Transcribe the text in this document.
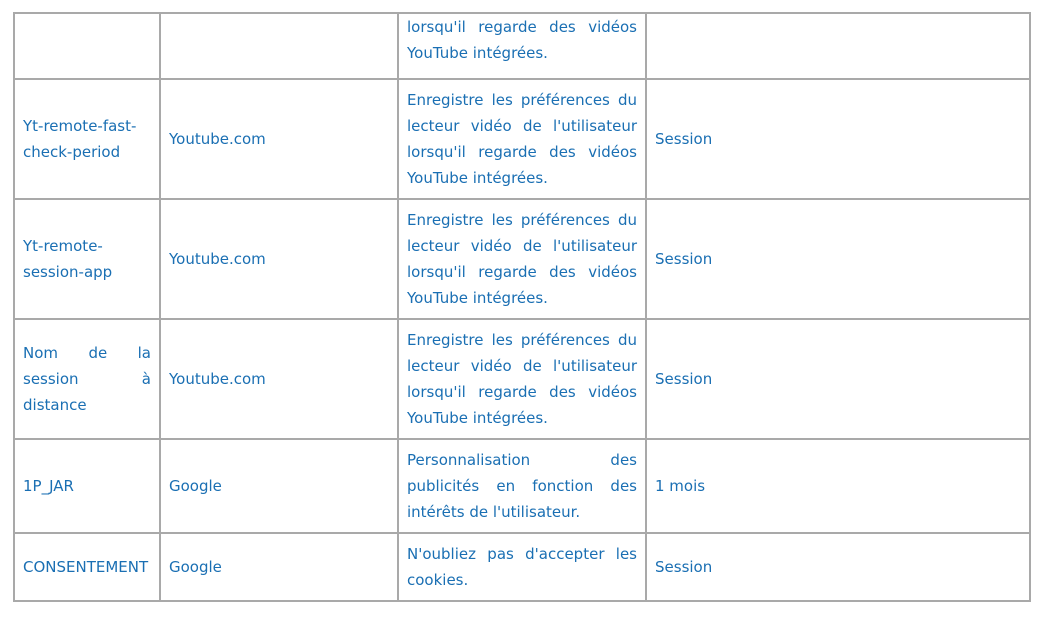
		lorsqu'il regarde des vidéos YouTube intégrées.	

Yt-remote-fast-check-period	Youtube.com	Enregistre les préférences du lecteur vidéo de l'utilisateur lorsqu'il regarde des vidéos YouTube intégrées.	Session

Yt-remote-session-app	Youtube.com	Enregistre les préférences du lecteur vidéo de l'utilisateur lorsqu'il regarde des vidéos YouTube intégrées.	Session

Nom de la session à distance	Youtube.com	Enregistre les préférences du lecteur vidéo de l'utilisateur lorsqu'il regarde des vidéos YouTube intégrées.	Session

1P_JAR	Google	Personnalisation des publicités en fonction des intérêts de l'utilisateur.	1 mois

CONSENTEMENT	Google	N'oubliez pas d'accepter les cookies.	Session
